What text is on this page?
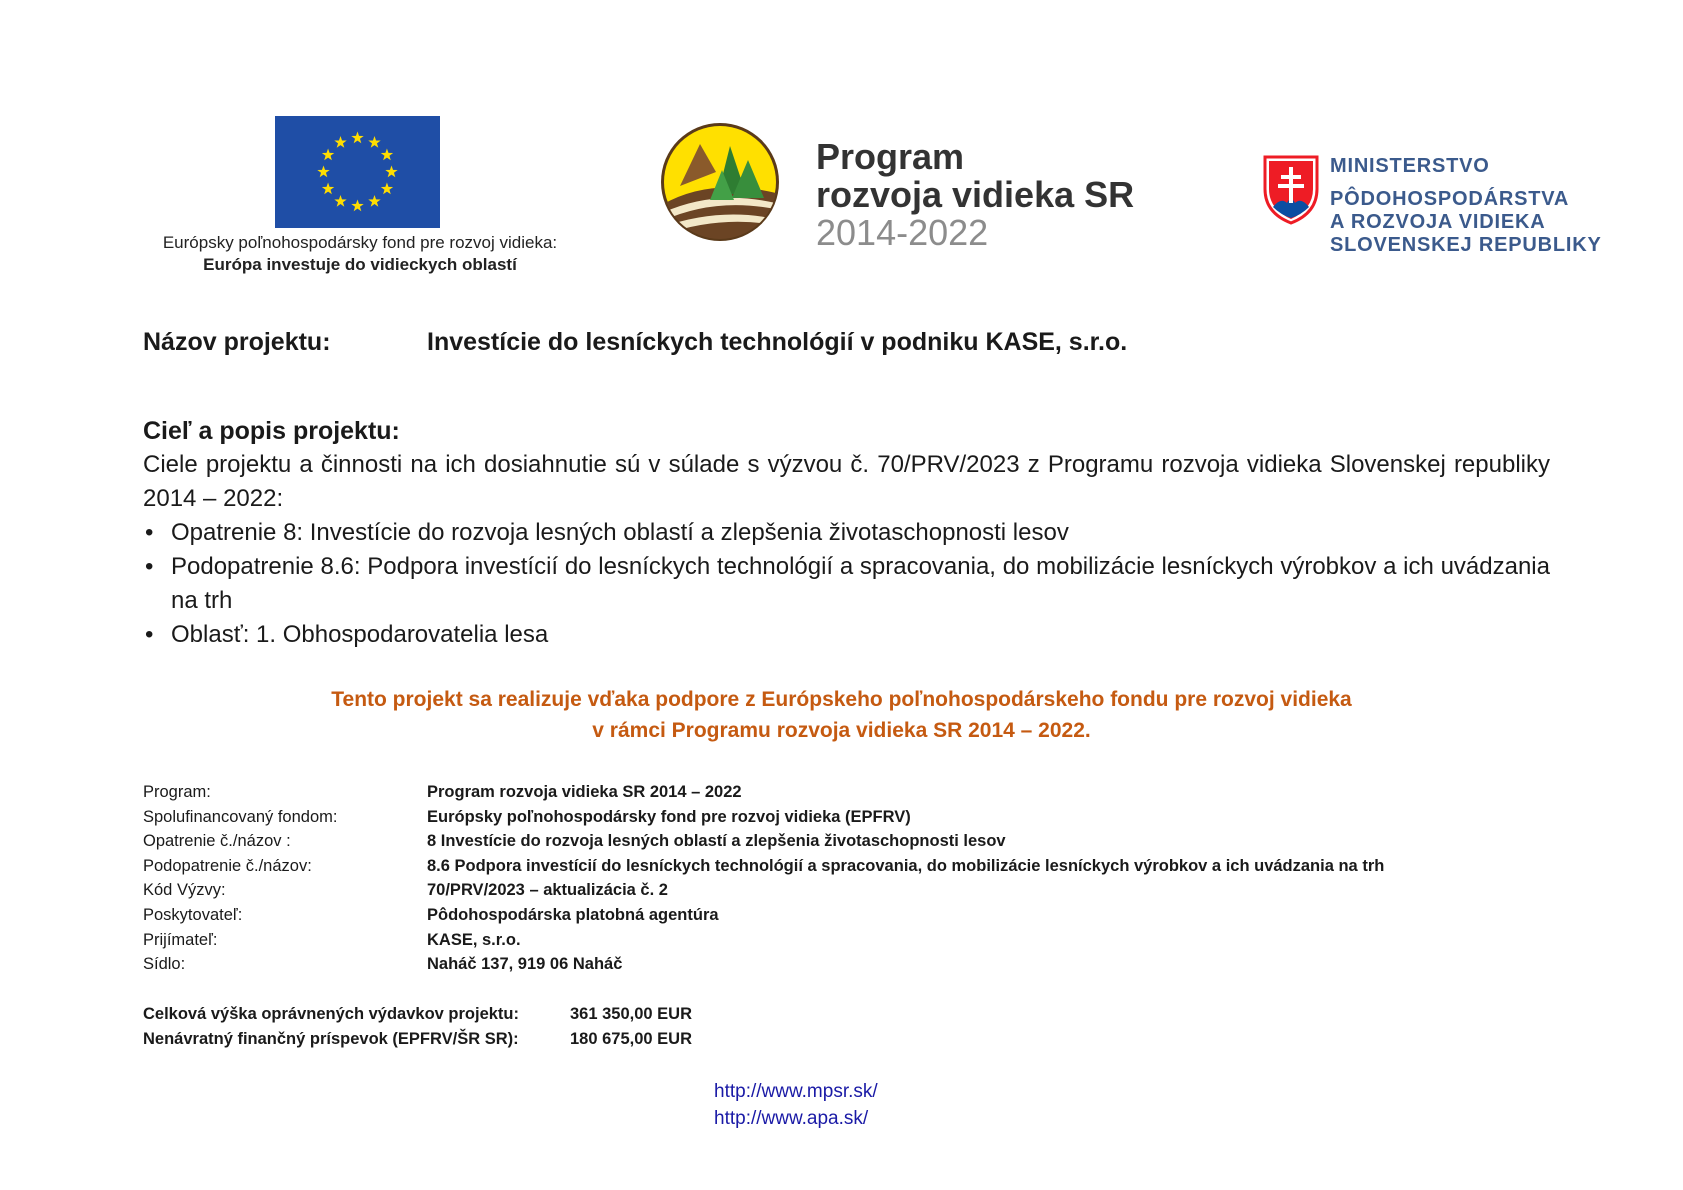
Európsky poľnohospodársky fond pre rozvoj vidieka:
Európa investuje do vidieckych oblastí
Program
rozvoja vidieka SR
2014-2022
MINISTERSTVO
PÔDOHOSPODÁRSTVA
A ROZVOJA VIDIEKA
SLOVENSKEJ REPUBLIKY
Názov projektu:	Investície do lesníckych technológií v podniku KASE, s.r.o.
Cieľ a popis projektu:

Ciele projektu a činnosti na ich dosiahnutie sú v súlade s výzvou č. 70/PRV/2023 z Programu rozvoja vidieka Slovenskej republiky 2014 – 2022:

• Opatrenie 8: Investície do rozvoja lesných oblastí a zlepšenia životaschopnosti lesov
• Podopatrenie 8.6: Podpora investícií do lesníckych technológií a spracovania, do mobilizácie lesníckych výrobkov a ich uvádzania na trh
• Oblasť: 1. Obhospodarovatelia lesa
Tento projekt sa realizuje vďaka podpore z Európskeho poľnohospodárskeho fondu pre rozvoj vidieka
v rámci Programu rozvoja vidieka SR 2014 – 2022.
Program:	Program rozvoja vidieka SR 2014 – 2022
Spolufinancovaný fondom:	Európsky poľnohospodársky fond pre rozvoj vidieka (EPFRV)
Opatrenie č./názov :	8 Investície do rozvoja lesných oblastí a zlepšenia životaschopnosti lesov
Podopatrenie č./názov:	8.6 Podpora investícií do lesníckych technológií a spracovania, do mobilizácie lesníckych výrobkov a ich uvádzania na trh
Kód Výzvy:	70/PRV/2023 – aktualizácia č. 2
Poskytovateľ:	Pôdohospodárska platobná agentúra
Prijímateľ:	KASE, s.r.o.
Sídlo:	Naháč 137, 919 06 Naháč
Celková výška oprávnených výdavkov projektu:	361 350,00 EUR
Nenávratný finančný príspevok (EPFRV/ŠR SR):	180 675,00 EUR
http://www.mpsr.sk/
http://www.apa.sk/
